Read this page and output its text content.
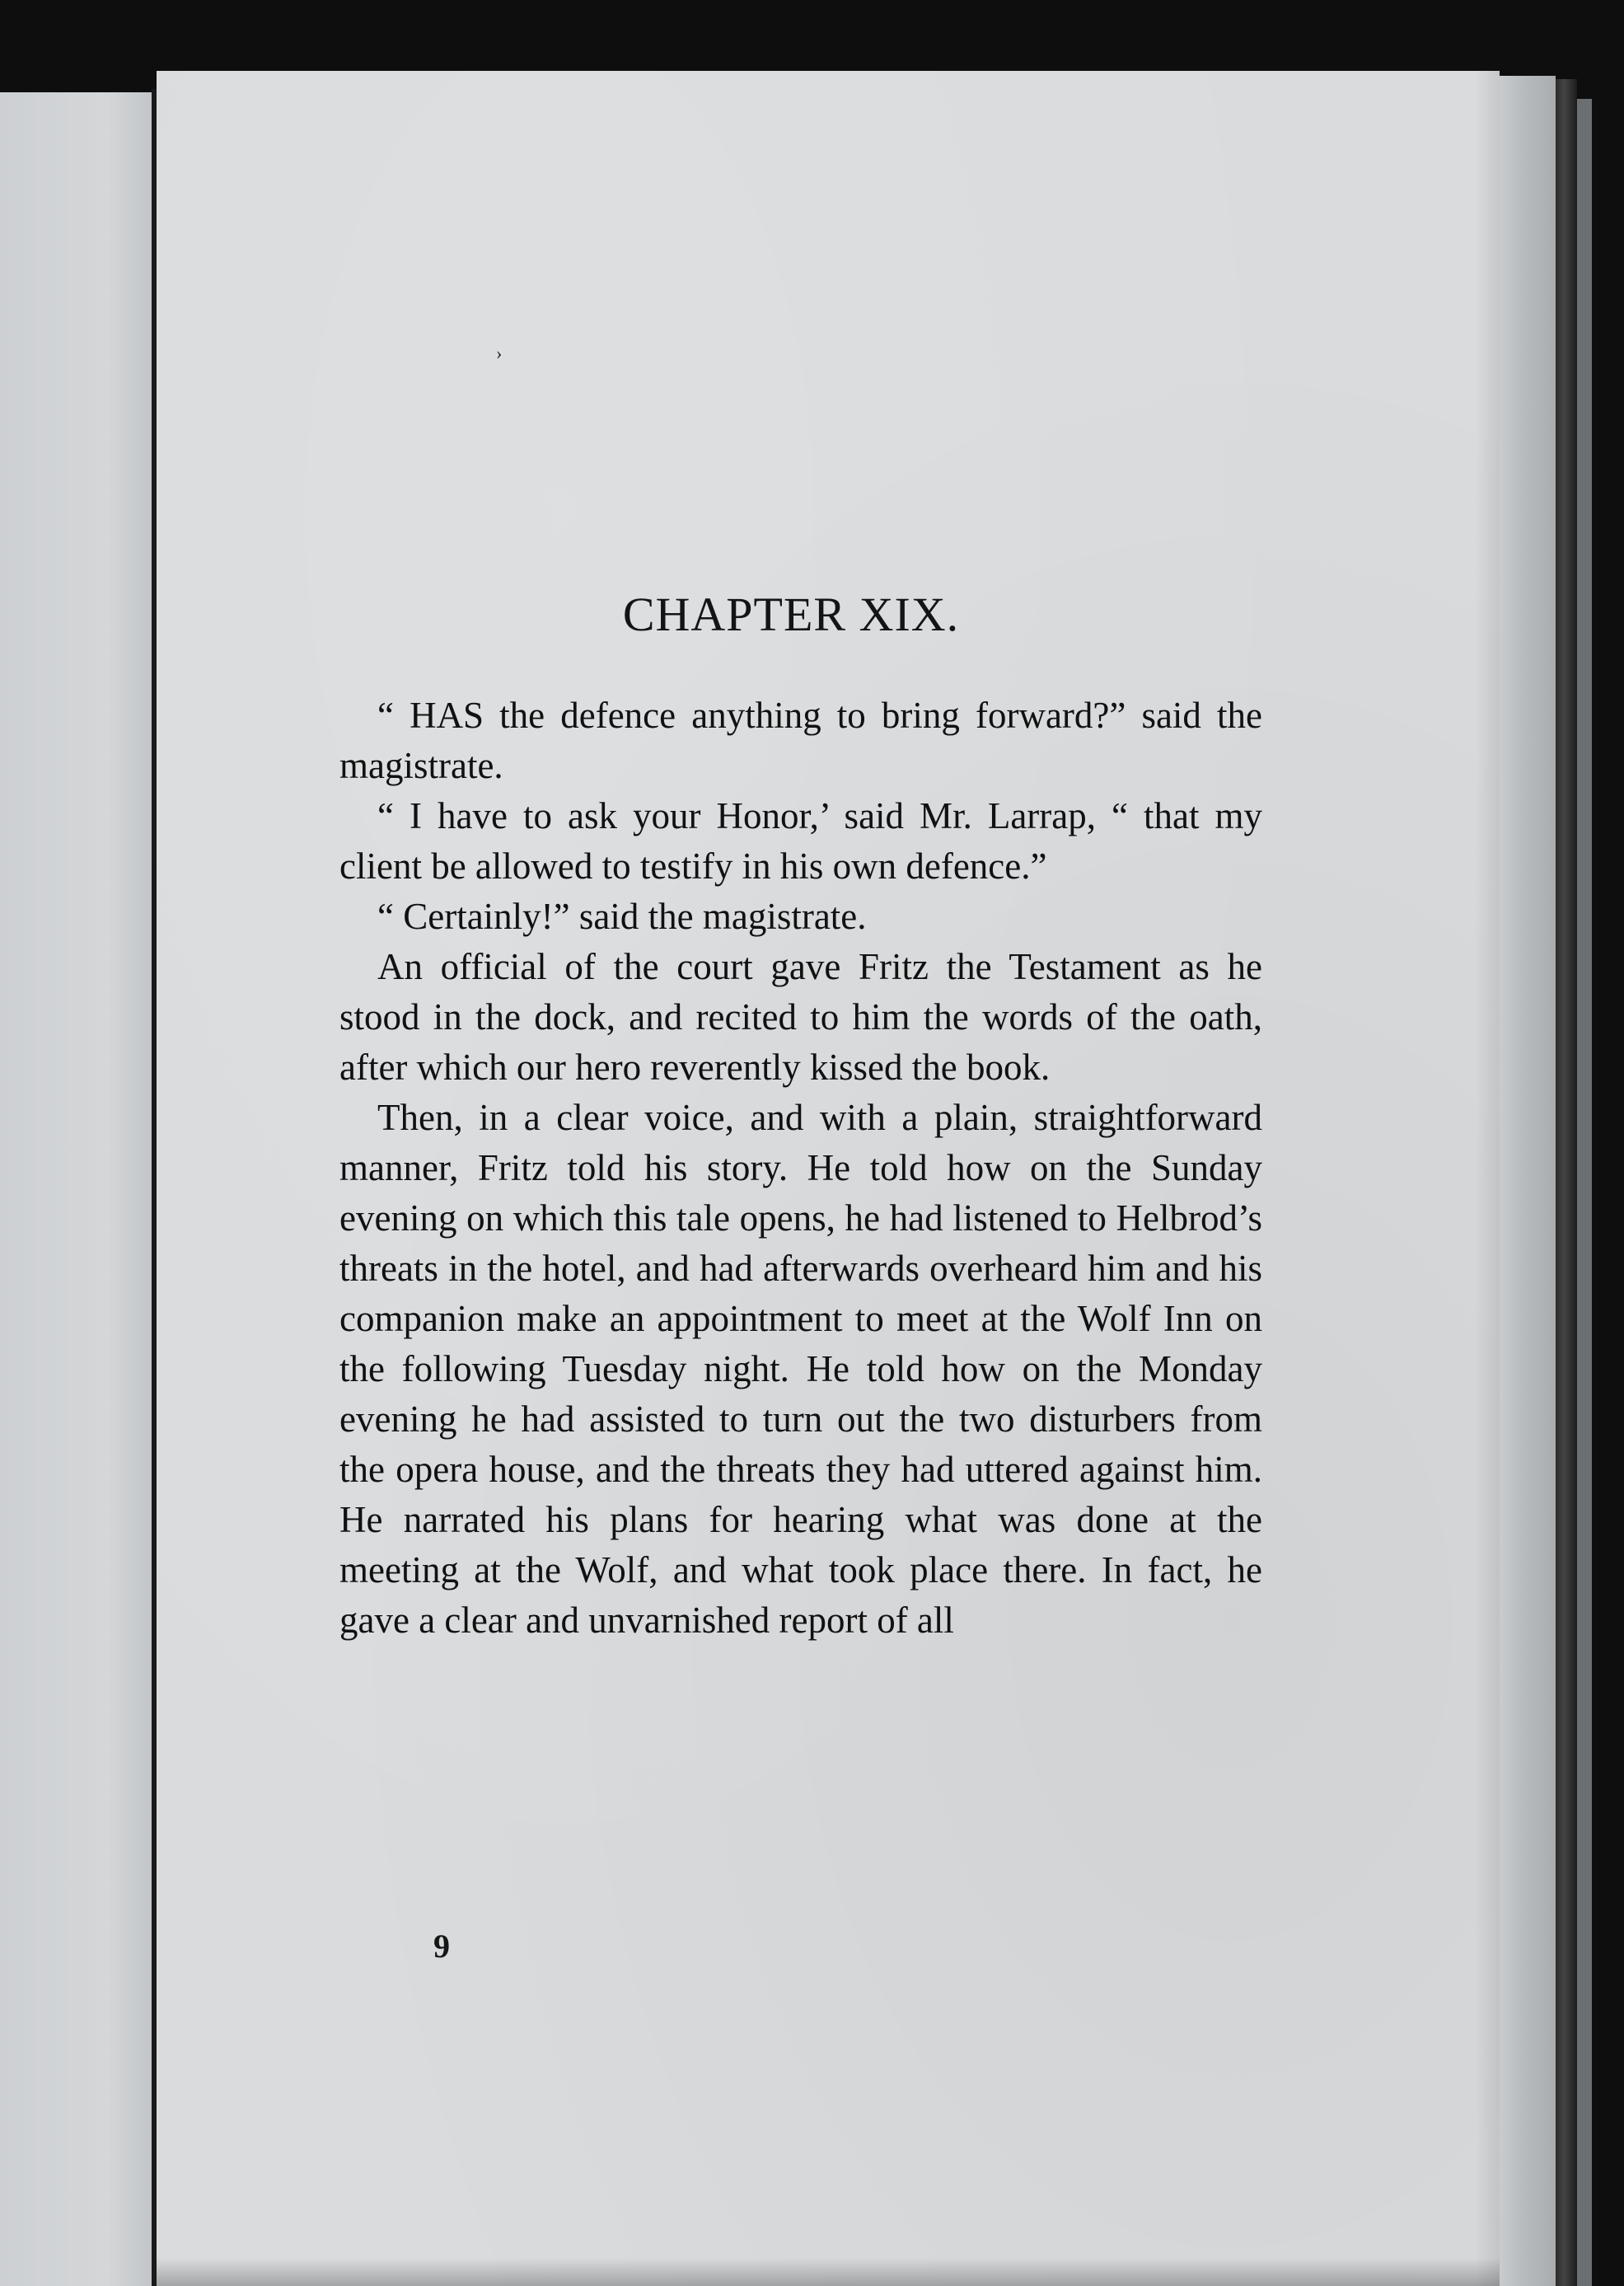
›
CHAPTER XIX.

“ HAS the defence anything to bring forward?” said the magistrate.

“ I have to ask your Honor,’ said Mr. Larrap, “ that my client be allowed to testify in his own defence.”

“ Certainly!” said the magistrate.

An official of the court gave Fritz the Testament as he stood in the dock, and recited to him the words of the oath, after which our hero reverently kissed the book.

Then, in a clear voice, and with a plain, straightforward manner, Fritz told his story. He told how on the Sunday evening on which this tale opens, he had listened to Helbrod’s threats in the hotel, and had afterwards overheard him and his companion make an appointment to meet at the Wolf Inn on the following Tuesday night. He told how on the Monday evening he had assisted to turn out the two disturbers from the opera house, and the threats they had uttered against him. He narrated his plans for hearing what was done at the meeting at the Wolf, and what took place there. In fact, he gave a clear and unvarnished report of all

9
